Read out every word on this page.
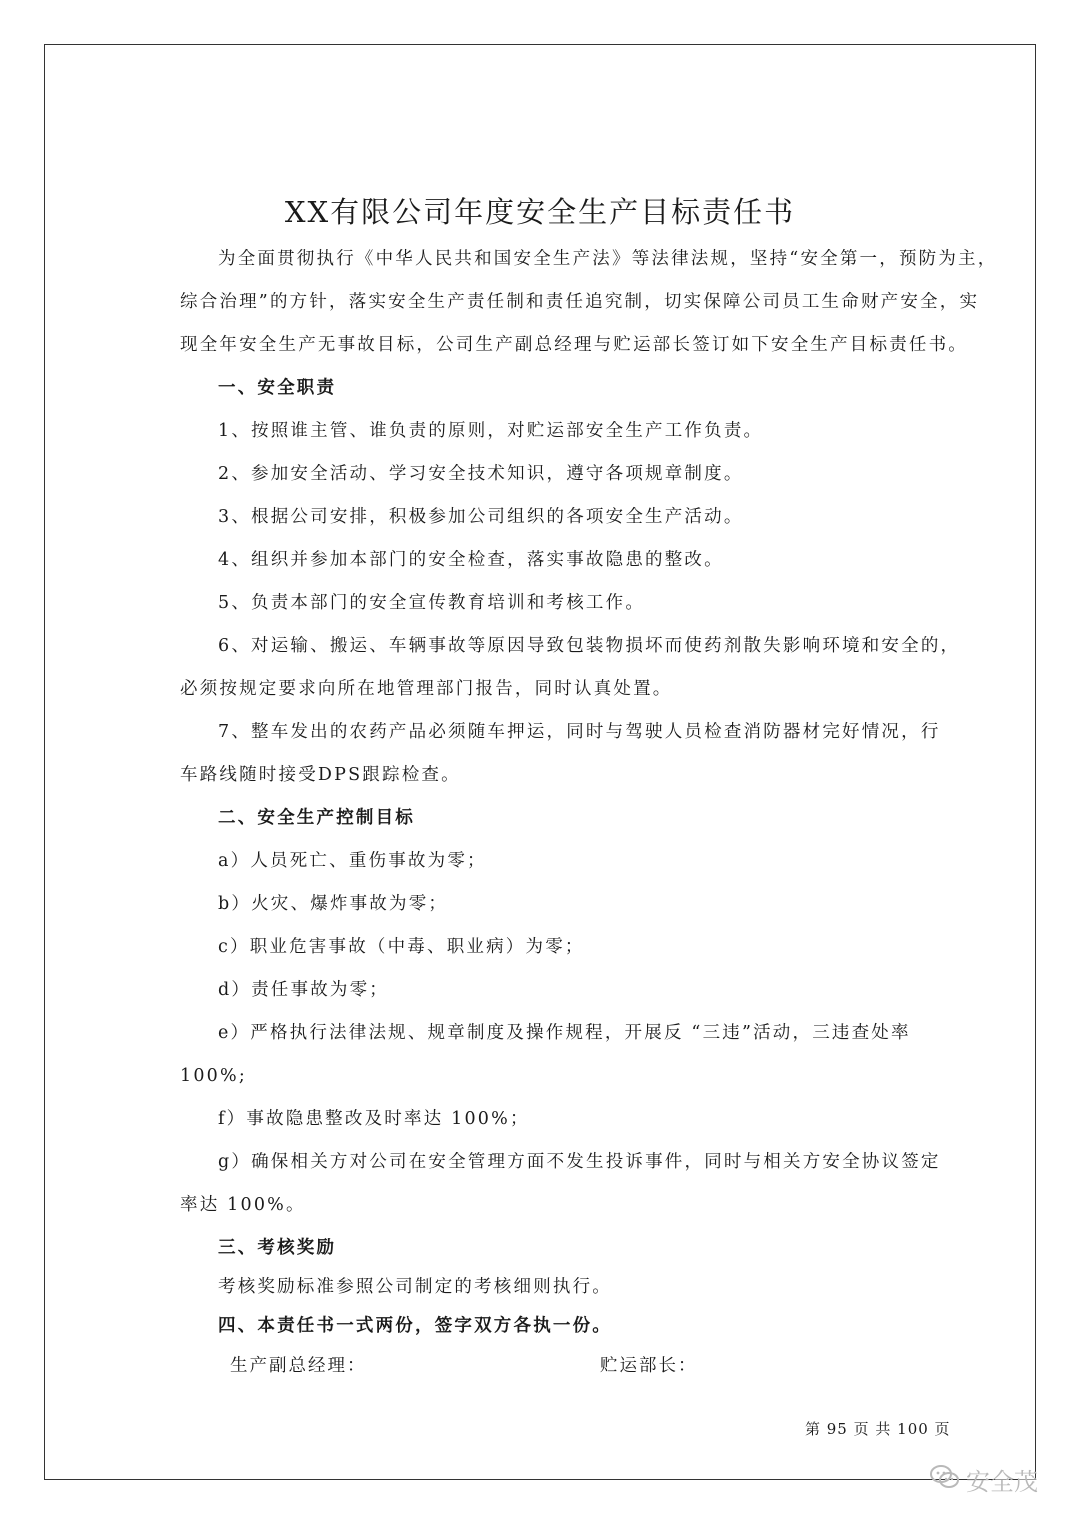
XX有限公司年度安全生产目标责任书
为全面贯彻执行《中华人民共和国安全生产法》等法律法规，坚持“安全第一，预防为主，
综合治理”的方针，落实安全生产责任制和责任追究制，切实保障公司员工生命财产安全，实
现全年安全生产无事故目标，公司生产副总经理与贮运部长签订如下安全生产目标责任书。
一、安全职责
1、按照谁主管、谁负责的原则，对贮运部安全生产工作负责。
2、参加安全活动、学习安全技术知识，遵守各项规章制度。
3、根据公司安排，积极参加公司组织的各项安全生产活动。
4、组织并参加本部门的安全检查，落实事故隐患的整改。
5、负责本部门的安全宣传教育培训和考核工作。
6、对运输、搬运、车辆事故等原因导致包装物损坏而使药剂散失影响环境和安全的，
必须按规定要求向所在地管理部门报告，同时认真处置。
7、整车发出的农药产品必须随车押运，同时与驾驶人员检查消防器材完好情况，行
车路线随时接受DPS跟踪检查。
二、安全生产控制目标
a）人员死亡、重伤事故为零；
b）火灾、爆炸事故为零；
c）职业危害事故（中毒、职业病）为零；
d）责任事故为零；
e）严格执行法律法规、规章制度及操作规程，开展反 “三违”活动，三违查处率
100%;
f）事故隐患整改及时率达 100%；
g）确保相关方对公司在安全管理方面不发生投诉事件，同时与相关方安全协议签定
率达 100%。
三、考核奖励
考核奖励标准参照公司制定的考核细则执行。
四、本责任书一式两份，签字双方各执一份。
生产副总经理：	贮运部长：
第 95 页 共 100 页
安全茂
